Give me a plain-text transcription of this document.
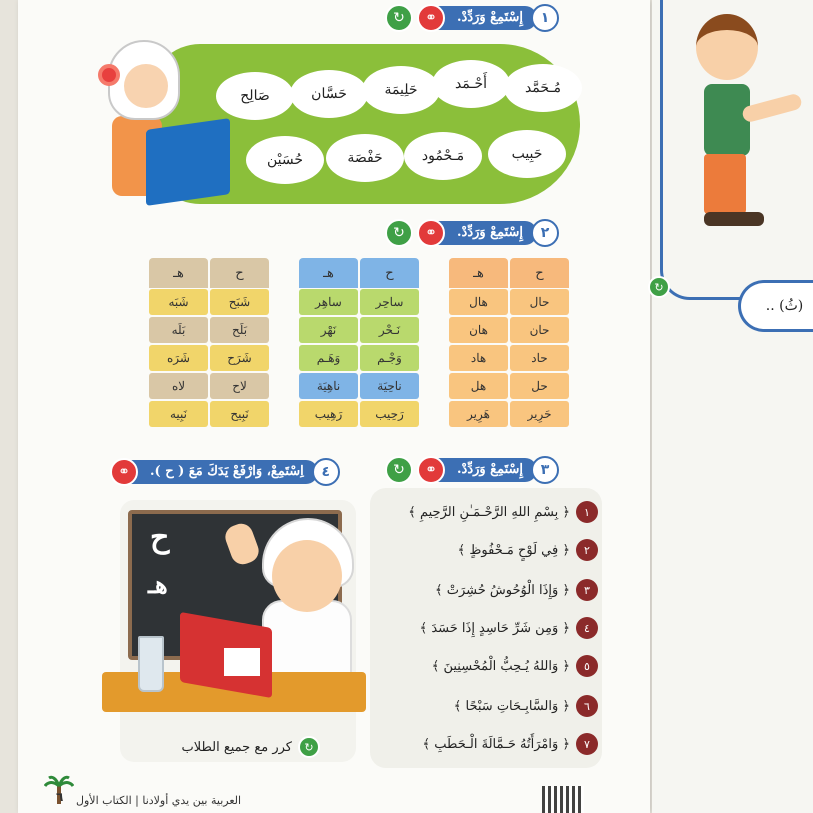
١
إِسْتَمِعْ وَرَدِّدْ.
⚭
↻
مُـحَمَّد
أَحْـمَد
حَلِيمَة
حَسَّان
صَالِح
حَبِيب
مَـحْمُود
حَفْصَة
حُسَيْن
٢
إِسْتَمِعْ وَرَدِّدْ.
⚭
↻
هـ	ح
هال	حال
هان	حان
هاد	حاد
هل	حل
هَرِير	حَرِير
هـ	ح
ساهِر	ساحِر
نَهْر	نَـحْر
وَهَـم	وَجْـم
ناهِيَة	ناحِيَة
رَهِيب	رَحِيب
هـ	ح
شَبَه	شَبَح
بَلَه	بَلَح
شَرَه	شَرَح
لاه	لاح
نَبِيه	نَبِيح
٣
إِسْتَمِعْ وَرَدِّدْ.
⚭
↻
١
﴿ بِسْمِ اللهِ الرَّحْـمَـٰنِ الرَّحِيمِ ﴾
٢
﴿ فِي لَوْحٍ مَـحْفُوظٍ ﴾
٣
﴿ وَإِذَا الْوُحُوشُ حُشِرَتْ ﴾
٤
﴿ وَمِن شَرِّ حَاسِدٍ إِذَا حَسَدَ ﴾
٥
﴿ وَاللهُ يُـحِبُّ الْمُحْسِنِينَ ﴾
٦
﴿ وَالسَّابِـحَاتِ سَبْحًا ﴾
٧
﴿ وَامْرَأَتُهُ حَـمَّالَةَ الْـحَطَبِ ﴾
٤
اِسْتَمِعْ، وَارْفَعْ يَدَكَ مَعَ ( ح ).
⚭
ح
هـ
↻
كرر مع جميع الطلاب
٦ العربية بين يدي أولادنا | الكتاب الأول
(ثُ) ..
↻
